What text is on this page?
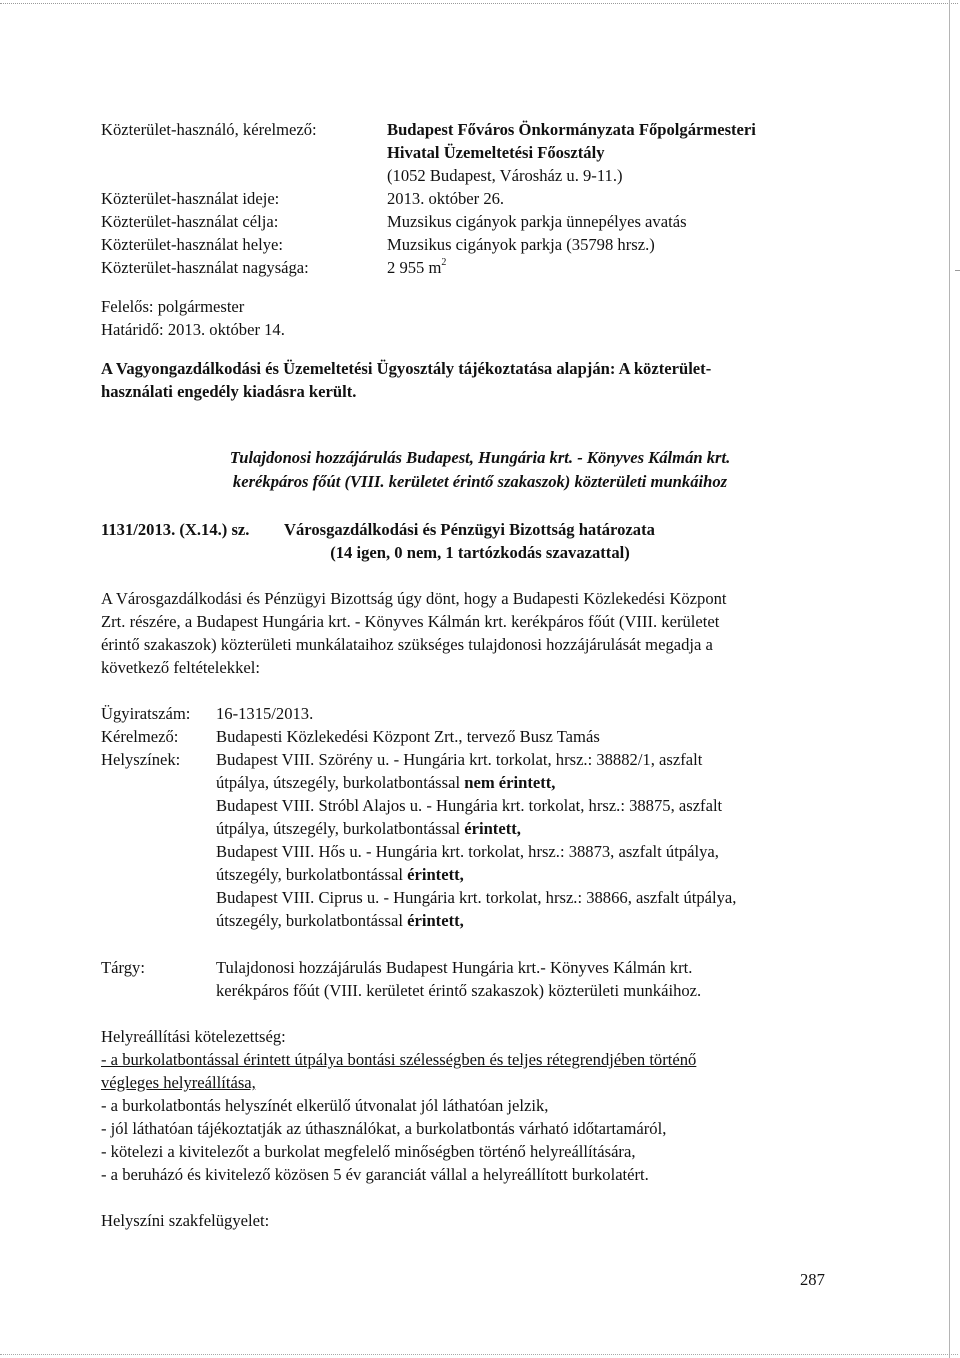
Közterület-használó, kérelmező:	Budapest Főváros Önkormányzata Főpolgármesteri
Hivatal Üzemeltetési Főosztály
(1052 Budapest, Városház u. 9-11.)
Közterület-használat ideje:	2013. október 26.
Közterület-használat célja:	Muzsikus cigányok parkja ünnepélyes avatás
Közterület-használat helye:	Muzsikus cigányok parkja (35798 hrsz.)
Közterület-használat nagysága:	2 955 $m^2$
Felelős: polgármester
Határidő: 2013. október 14.
A Vagyongazdálkodási és Üzemeltetési Ügyosztály tájékoztatása alapján: A közterület-
használati engedély kiadásra került.
Tulajdonosi hozzájárulás Budapest, Hungária krt. - Könyves Kálmán krt.
kerékpáros főút (VIII. kerületet érintő szakaszok) közterületi munkáihoz
1131/2013. (X.14.) sz. Városgazdálkodási és Pénzügyi Bizottság határozata
(14 igen, 0 nem, 1 tartózkodás szavazattal)
A Városgazdálkodási és Pénzügyi Bizottság úgy dönt, hogy a Budapesti Közlekedési Központ
Zrt. részére, a Budapest Hungária krt. - Könyves Kálmán krt. kerékpáros főút (VIII. kerületet
érintő szakaszok) közterületi munkálataihoz szükséges tulajdonosi hozzájárulását megadja a
következő feltételekkel:
Ügyiratszám: 16-1315/2013.
Kérelmező: Budapesti Közlekedési Központ Zrt., tervező Busz Tamás
Helyszínek: Budapest VIII. Szörény u. - Hungária krt. torkolat, hrsz.: 38882/1, aszfalt
útpálya, útszegély, burkolatbontással nem érintett,
Budapest VIII. Stróbl Alajos u. - Hungária krt. torkolat, hrsz.: 38875, aszfalt
útpálya, útszegély, burkolatbontással érintett,
Budapest VIII. Hős u. - Hungária krt. torkolat, hrsz.: 38873, aszfalt útpálya,
útszegély, burkolatbontással érintett,
Budapest VIII. Ciprus u. - Hungária krt. torkolat, hrsz.: 38866, aszfalt útpálya,
útszegély, burkolatbontással érintett,
Tárgy:	Tulajdonosi hozzájárulás Budapest Hungária krt.- Könyves Kálmán krt.
kerékpáros főút (VIII. kerületet érintő szakaszok) közterületi munkáihoz.
Helyreállítási kötelezettség:
- a burkolatbontással érintett útpálya bontási szélességben és teljes rétegrendjében történő
végleges helyreállítása,
- a burkolatbontás helyszínét elkerülő útvonalat jól láthatóan jelzik,
- jól láthatóan tájékoztatják az úthasználókat, a burkolatbontás várható időtartamáról,
- kötelezi a kivitelezőt a burkolat megfelelő minőségben történő helyreállítására,
- a beruházó és kivitelező közösen 5 év garanciát vállal a helyreállított burkolatért.
Helyszíni szakfelügyelet:
287
